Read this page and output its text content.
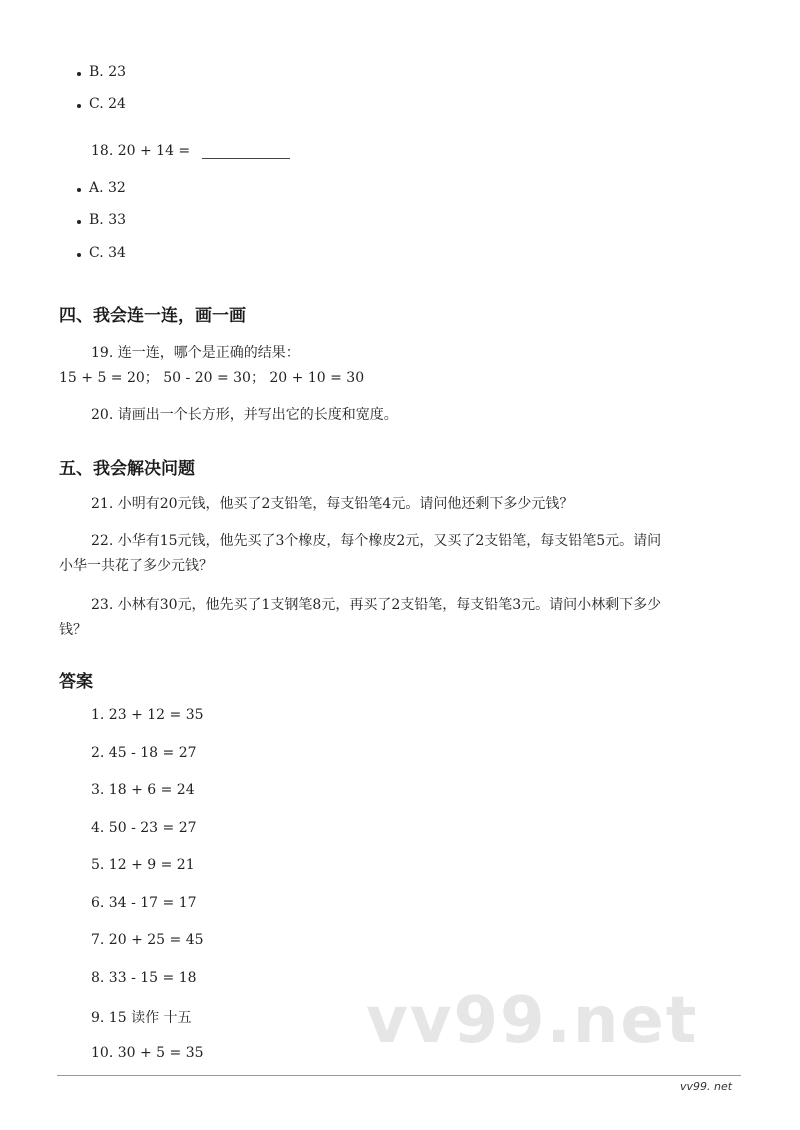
B. 23
C. 24
18. 20 + 14 =
A. 32
B. 33
C. 34
四、我会连一连，画一画
19. 连一连，哪个是正确的结果：
15 + 5 = 20； 50 - 20 = 30； 20 + 10 = 30
20. 请画出一个长方形，并写出它的长度和宽度。
五、我会解决问题
21. 小明有20元钱，他买了2支铅笔，每支铅笔4元。请问他还剩下多少元钱？
22. 小华有15元钱，他先买了3个橡皮，每个橡皮2元，又买了2支铅笔，每支铅笔5元。请问
小华一共花了多少元钱？
23. 小林有30元，他先买了1支钢笔8元，再买了2支铅笔，每支铅笔3元。请问小林剩下多少
钱？
答案
1. 23 + 12 = 35
2. 45 - 18 = 27
3. 18 + 6 = 24
4. 50 - 23 = 27
5. 12 + 9 = 21
6. 34 - 17 = 17
7. 20 + 25 = 45
8. 33 - 15 = 18
9. 15 读作 十五
10. 30 + 5 = 35	vv99.net
vv99. net
